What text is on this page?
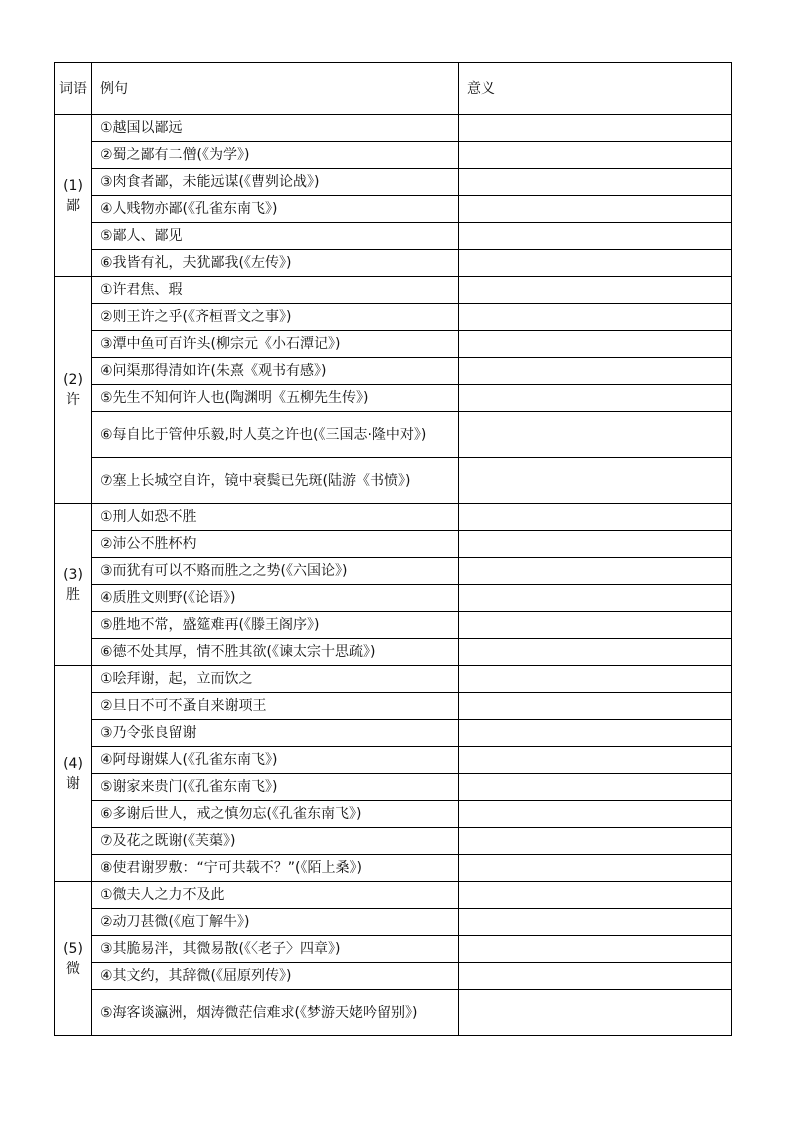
词语	例句	意义

(1)
鄙	①越国以鄙远	
	②蜀之鄙有二僧(《为学》)	
	③肉食者鄙，未能远谋(《曹刿论战》)	
	④人贱物亦鄙(《孔雀东南飞》)	
	⑤鄙人、鄙见	
	⑥我皆有礼，夫犹鄙我(《左传》)	

(2)
许	①许君焦、瑕	
	②则王许之乎(《齐桓晋文之事》)	
	③潭中鱼可百许头(柳宗元《小石潭记》)	
	④问渠那得清如许(朱熹《观书有感》)	
	⑤先生不知何许人也(陶渊明《五柳先生传》)	
	⑥每自比于管仲乐毅,时人莫之许也(《三国志·隆中对》)	
	⑦塞上长城空自许，镜中衰鬓已先斑(陆游《书愤》)	

(3)
胜	①刑人如恐不胜	
	②沛公不胜杯杓	
	③而犹有可以不赂而胜之之势(《六国论》)	
	④质胜文则野(《论语》)	
	⑤胜地不常，盛筵难再(《滕王阁序》)	
	⑥德不处其厚，情不胜其欲(《谏太宗十思疏》)	

(4)
谢	①哙拜谢，起，立而饮之	
	②旦日不可不蚤自来谢项王	
	③乃令张良留谢	
	④阿母谢媒人(《孔雀东南飞》)	
	⑤谢家来贵门(《孔雀东南飞》)	
	⑥多谢后世人，戒之慎勿忘(《孔雀东南飞》)	
	⑦及花之既谢(《芙蕖》)	
	⑧使君谢罗敷：“宁可共载不？”(《陌上桑》)	

(5)
微	①微夫人之力不及此	
	②动刀甚微(《庖丁解牛》)	
	③其脆易泮，其微易散(《〈老子〉四章》)	
	④其文约，其辞微(《屈原列传》)	
	⑤海客谈瀛洲，烟涛微茫信难求(《梦游天姥吟留别》)	
